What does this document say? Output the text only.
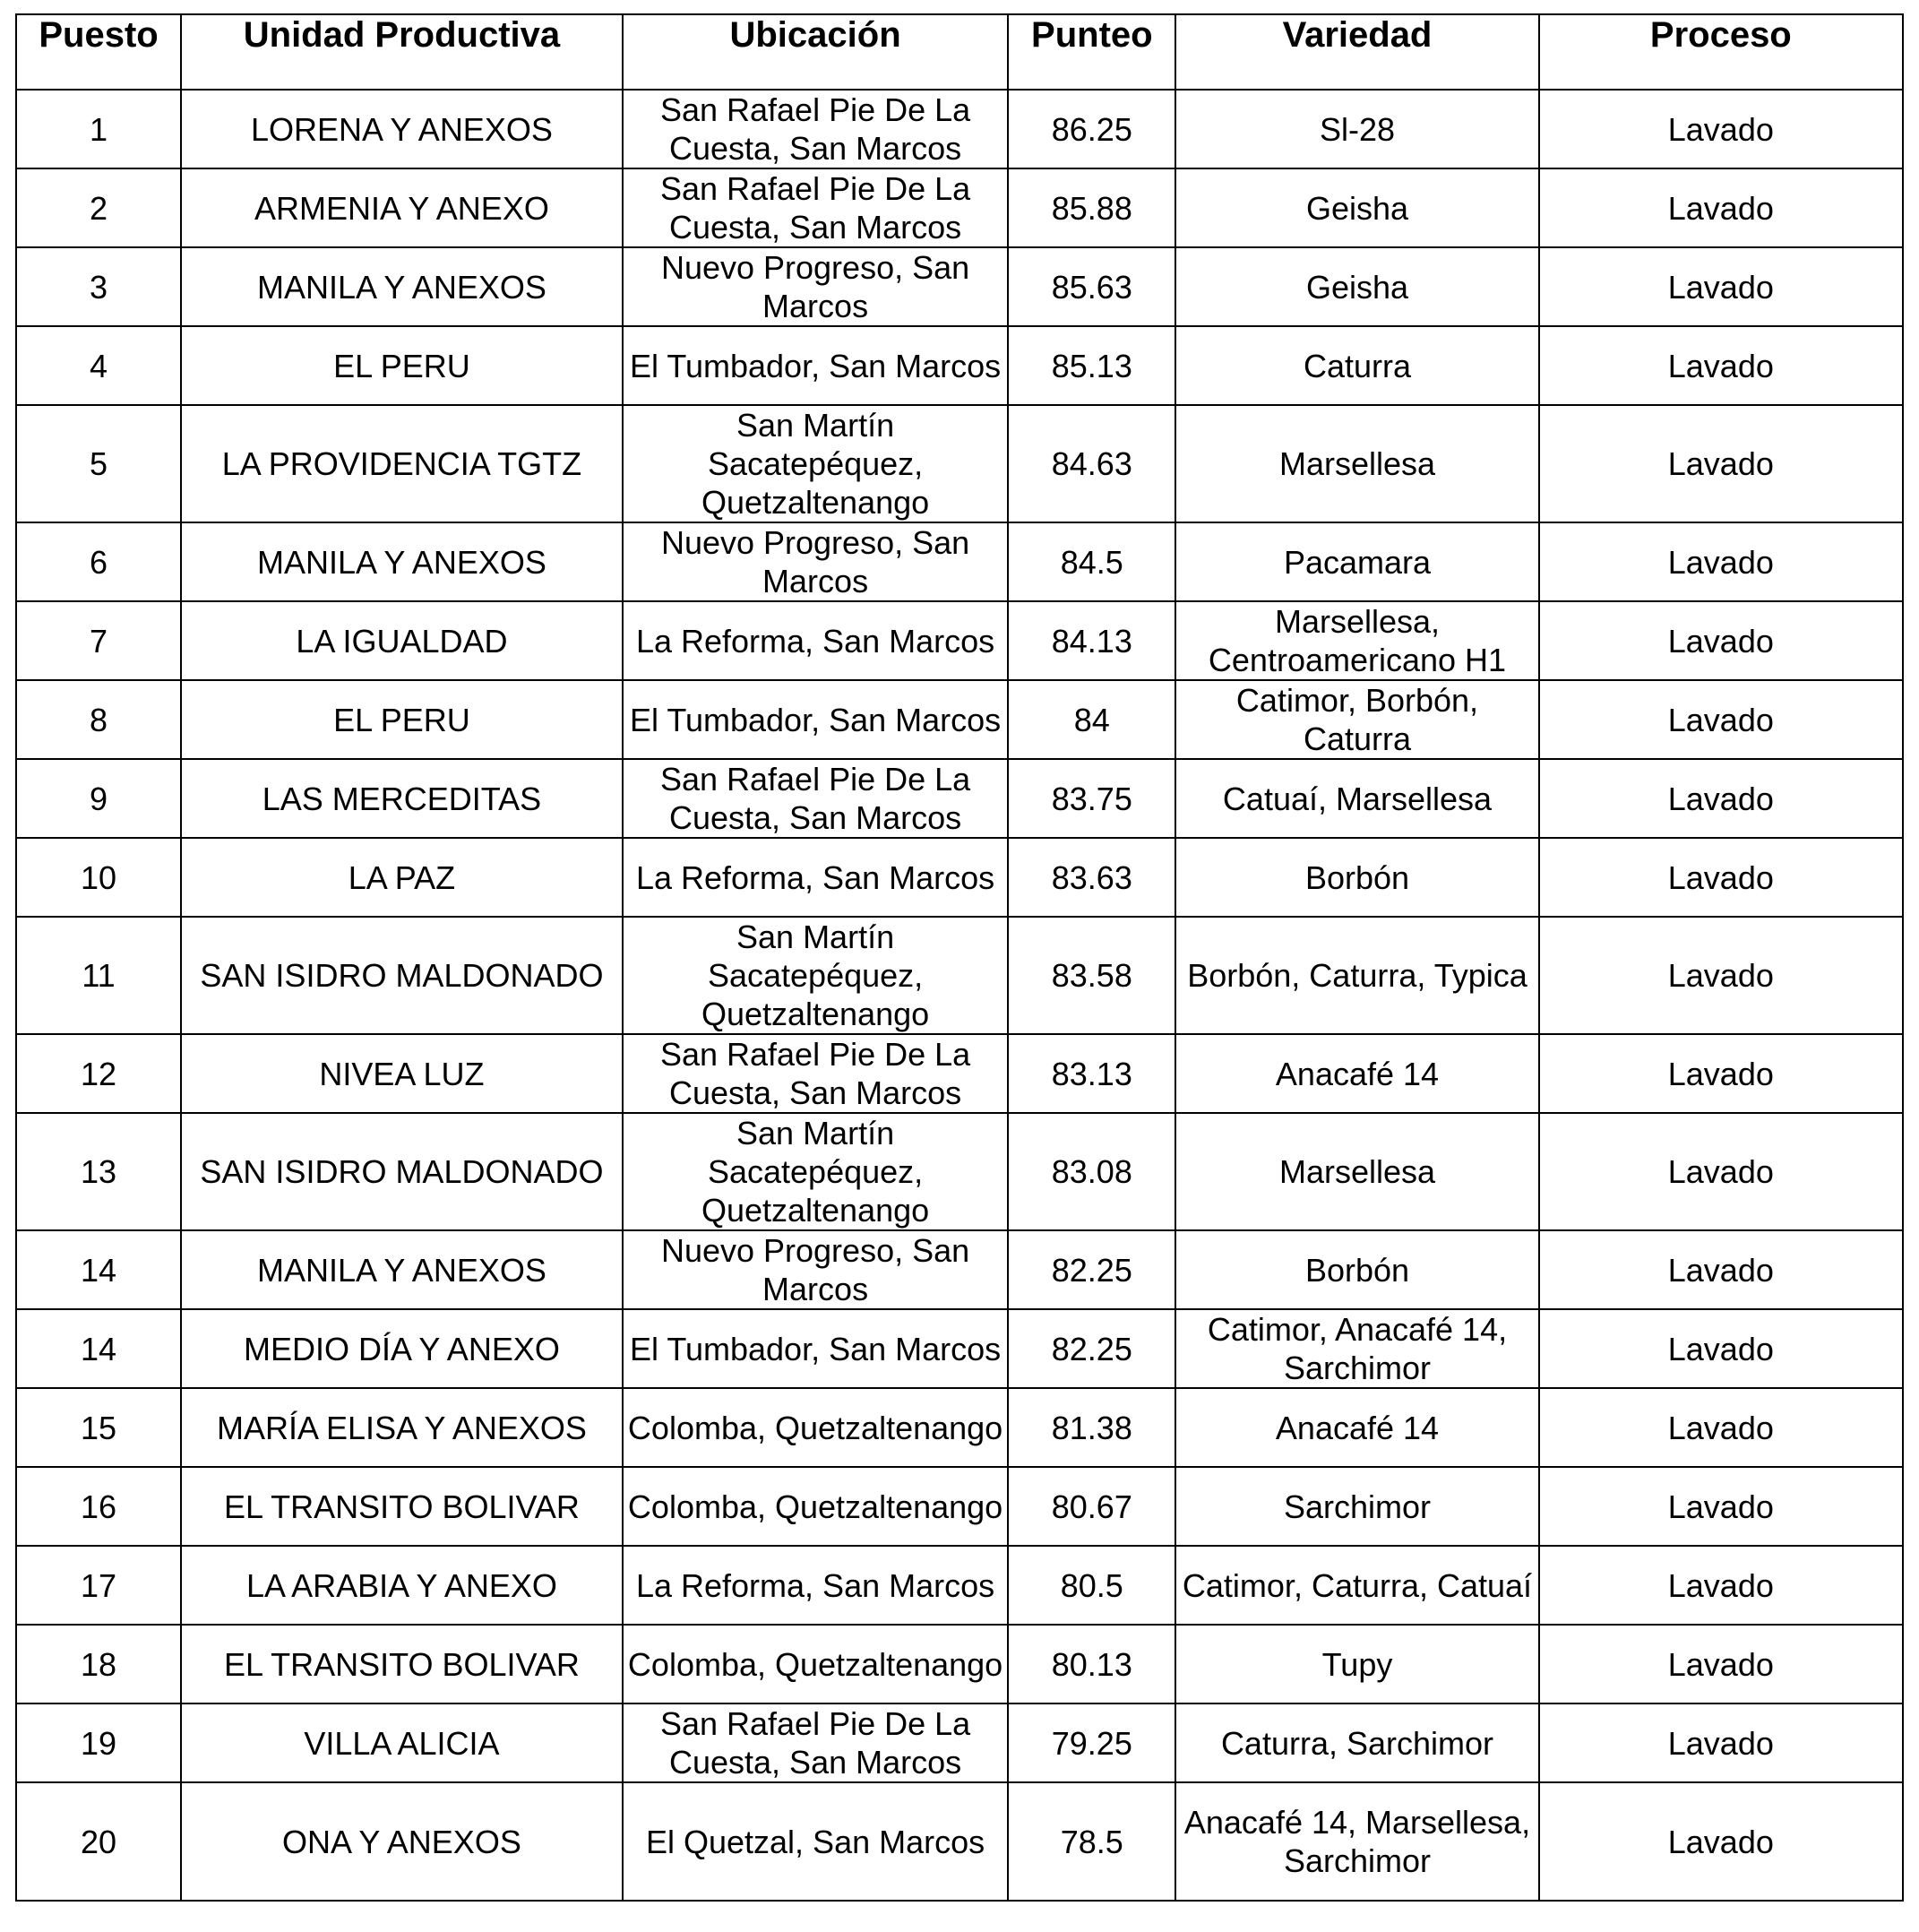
Puesto	Unidad Productiva	Ubicación	Punteo	Variedad	Proceso
1	LORENA Y ANEXOS	San Rafael Pie De La Cuesta, San Marcos	86.25	Sl-28	Lavado
2	ARMENIA Y ANEXO	San Rafael Pie De La Cuesta, San Marcos	85.88	Geisha	Lavado
3	MANILA Y ANEXOS	Nuevo Progreso, San Marcos	85.63	Geisha	Lavado
4	EL PERU	El Tumbador, San Marcos	85.13	Caturra	Lavado
5	LA PROVIDENCIA TGTZ	San Martín Sacatepéquez, Quetzaltenango	84.63	Marsellesa	Lavado
6	MANILA Y ANEXOS	Nuevo Progreso, San Marcos	84.5	Pacamara	Lavado
7	LA IGUALDAD	La Reforma, San Marcos	84.13	Marsellesa, Centroamericano H1	Lavado
8	EL PERU	El Tumbador, San Marcos	84	Catimor, Borbón, Caturra	Lavado
9	LAS MERCEDITAS	San Rafael Pie De La Cuesta, San Marcos	83.75	Catuaí, Marsellesa	Lavado
10	LA PAZ	La Reforma, San Marcos	83.63	Borbón	Lavado
11	SAN ISIDRO MALDONADO	San Martín Sacatepéquez, Quetzaltenango	83.58	Borbón, Caturra, Typica	Lavado
12	NIVEA LUZ	San Rafael Pie De La Cuesta, San Marcos	83.13	Anacafé 14	Lavado
13	SAN ISIDRO MALDONADO	San Martín Sacatepéquez, Quetzaltenango	83.08	Marsellesa	Lavado
14	MANILA Y ANEXOS	Nuevo Progreso, San Marcos	82.25	Borbón	Lavado
14	MEDIO DÍA Y ANEXO	El Tumbador, San Marcos	82.25	Catimor, Anacafé 14, Sarchimor	Lavado
15	MARÍA ELISA Y ANEXOS	Colomba, Quetzaltenango	81.38	Anacafé 14	Lavado
16	EL TRANSITO BOLIVAR	Colomba, Quetzaltenango	80.67	Sarchimor	Lavado
17	LA ARABIA Y ANEXO	La Reforma, San Marcos	80.5	Catimor, Caturra, Catuaí	Lavado
18	EL TRANSITO BOLIVAR	Colomba, Quetzaltenango	80.13	Tupy	Lavado
19	VILLA ALICIA	San Rafael Pie De La Cuesta, San Marcos	79.25	Caturra, Sarchimor	Lavado
20	ONA Y ANEXOS	El Quetzal, San Marcos	78.5	Anacafé 14, Marsellesa, Sarchimor	Lavado
